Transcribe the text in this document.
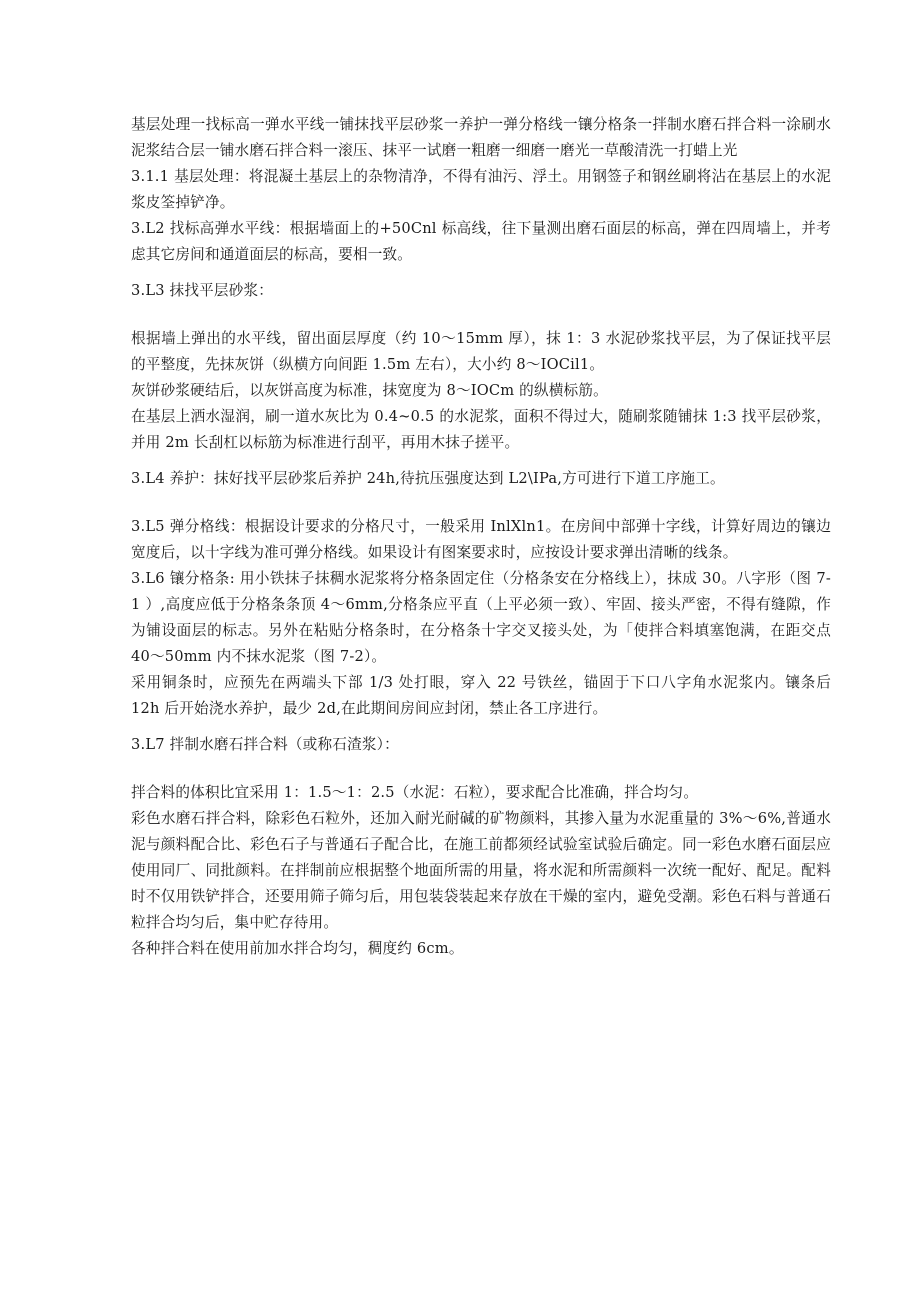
基层处理一找标高一弹水平线一铺抹找平层砂浆一养护一弹分格线一镶分格条一拌制水磨石拌合料一涂刷水泥浆结合层一铺水磨石拌合料一滚压、抹平一试磨一粗磨一细磨一磨光一草酸清洗一打蜡上光

3.1.1 基层处理：将混凝土基层上的杂物清净，不得有油污、浮土。用钢签子和钢丝刷将沾在基层上的水泥浆皮筌掉铲净。

3.L2 找标高弹水平线：根据墙面上的+50Cnl 标高线，往下量测出磨石面层的标高，弹在四周墙上，并考虑其它房间和通道面层的标高，要相一致。

3.L3 抹找平层砂浆：

根据墙上弹出的水平线，留出面层厚度（约 10～15mm 厚），抹 1：3 水泥砂浆找平层，为了保证找平层的平整度，先抹灰饼（纵横方向间距 1.5m 左右），大小约 8～IOCil1。

灰饼砂浆硬结后，以灰饼高度为标准，抹宽度为 8～IOCm 的纵横标筋。

在基层上洒水湿润，刷一道水灰比为 0.4~0.5 的水泥浆，面积不得过大，随刷浆随铺抹 1:3 找平层砂浆，并用 2m 长刮杠以标筋为标准进行刮平，再用木抹子搓平。

3.L4 养护：抹好找平层砂浆后养护 24h,待抗压强度达到 L2\IPa,方可进行下道工序施工。

3.L5 弹分格线：根据设计要求的分格尺寸，一般采用 InlXln1。在房间中部弹十字线，计算好周边的镶边宽度后，以十字线为准可弹分格线。如果设计有图案要求时，应按设计要求弹出清晰的线条。

3.L6 镶分格条: 用小铁抹子抹稠水泥浆将分格条固定住（分格条安在分格线上），抹成 30。八字形（图 7-1 ）,高度应低于分格条条顶 4～6mm,分格条应平直（上平必须一致）、牢固、接头严密，不得有缝隙，作为铺设面层的标志。另外在粘贴分格条时，在分格条十字交叉接头处，为「使拌合料填塞饱满，在距交点 40～50mm 内不抹水泥浆（图 7-2）。

采用铜条时，应预先在两端头下部 1/3 处打眼，穿入 22 号铁丝，锚固于下口八字角水泥浆内。镶条后 12h 后开始浇水养护，最少 2d,在此期间房间应封闭，禁止各工序进行。

3.L7 拌制水磨石拌合料（或称石渣浆）：

拌合料的体积比宜采用 1：1.5～1：2.5（水泥：石粒），要求配合比准确，拌合均匀。

彩色水磨石拌合料，除彩色石粒外，还加入耐光耐碱的矿物颜料，其掺入量为水泥重量的 3%～6%,普通水泥与颜料配合比、彩色石子与普通石子配合比，在施工前都须经试验室试验后确定。同一彩色水磨石面层应使用同厂、同批颜料。在拌制前应根据整个地面所需的用量，将水泥和所需颜料一次统一配好、配足。配料时不仅用铁铲拌合，还要用筛子筛匀后，用包装袋装起来存放在干燥的室内，避免受潮。彩色石料与普通石粒拌合均匀后，集中贮存待用。

各种拌合料在使用前加水拌合均匀，稠度约 6cm。
